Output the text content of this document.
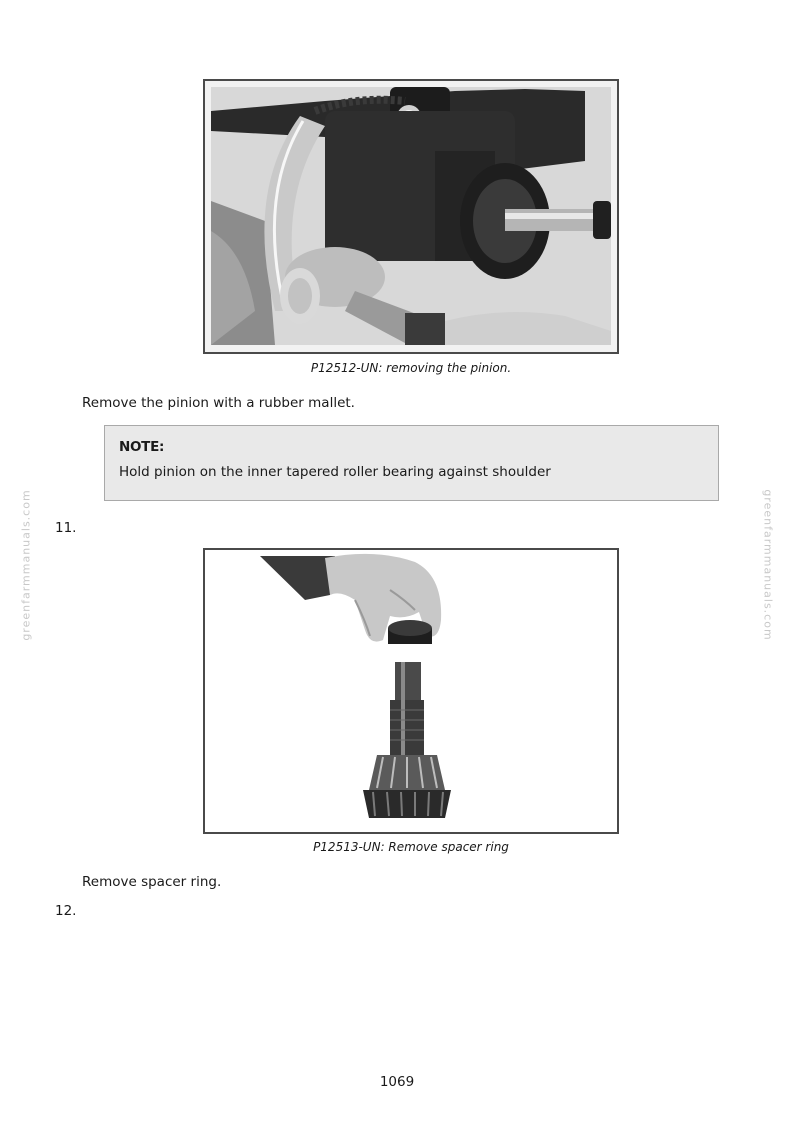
P12512-UN: removing the pinion.
Remove the pinion with a rubber mallet.
NOTE:
Hold pinion on the inner tapered roller bearing against shoulder
11.
P12513-UN: Remove spacer ring
Remove spacer ring.
12.
greenfarmmanuals.com	greenfarmmanuals.com
1069
